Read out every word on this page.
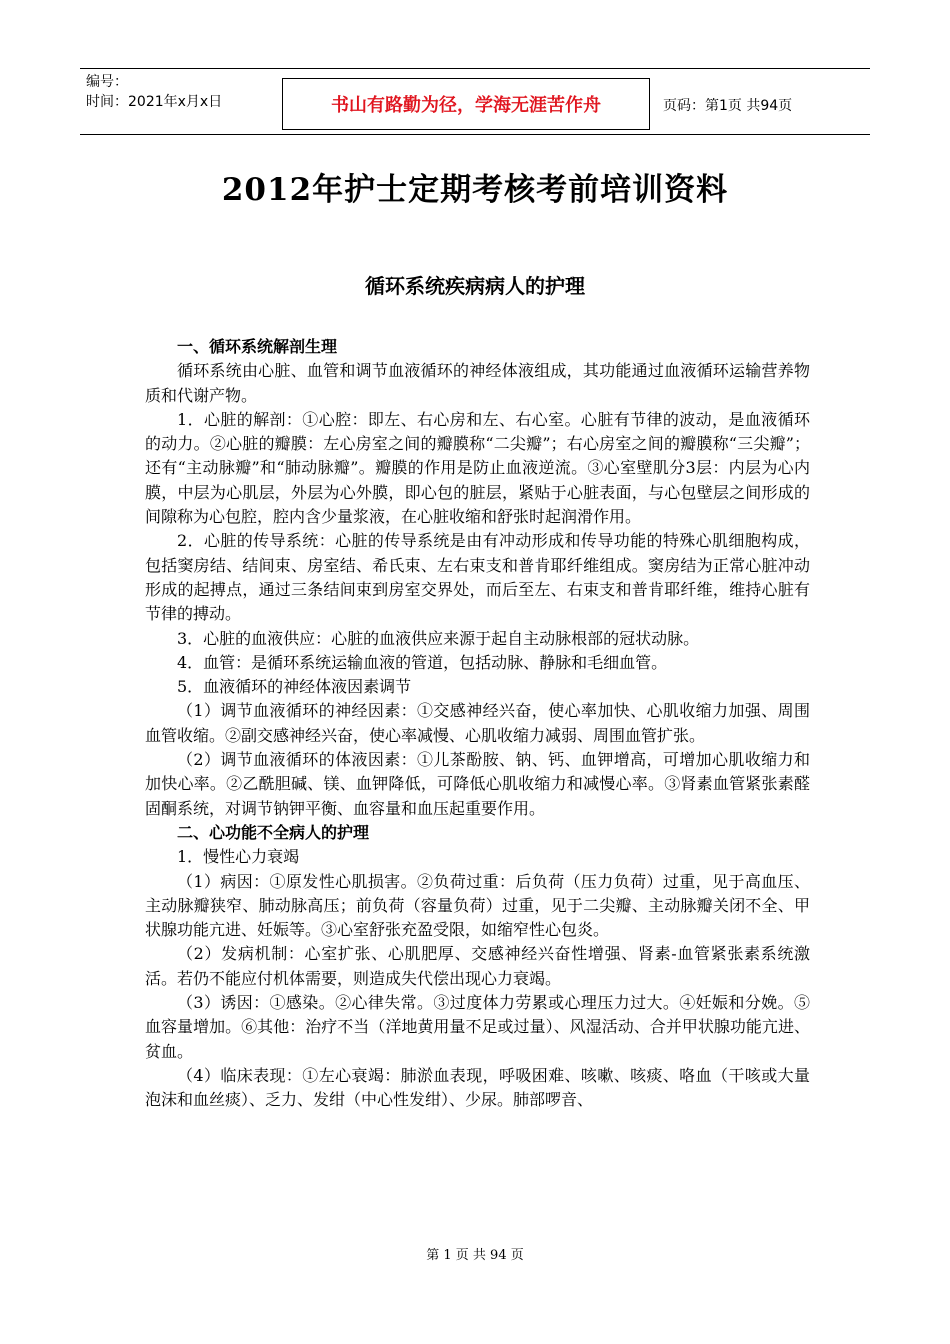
编号：
时间：2021年x月x日	书山有路勤为径，学海无涯苦作舟	页码：第1页 共94页
2012年护士定期考核考前培训资料
循环系统疾病病人的护理

一、循环系统解剖生理

循环系统由心脏、血管和调节血液循环的神经体液组成，其功能通过血液循环运输营养物质和代谢产物。

1．心脏的解剖：①心腔：即左、右心房和左、右心室。心脏有节律的波动，是血液循环的动力。②心脏的瓣膜：左心房室之间的瓣膜称“二尖瓣”；右心房室之间的瓣膜称“三尖瓣”；还有“主动脉瓣”和“肺动脉瓣”。瓣膜的作用是防止血液逆流。③心室壁肌分3层：内层为心内膜，中层为心肌层，外层为心外膜，即心包的脏层，紧贴于心脏表面，与心包壁层之间形成的间隙称为心包腔，腔内含少量浆液，在心脏收缩和舒张时起润滑作用。

2．心脏的传导系统：心脏的传导系统是由有冲动形成和传导功能的特殊心肌细胞构成，包括窦房结、结间束、房室结、希氏束、左右束支和普肯耶纤维组成。窦房结为正常心脏冲动形成的起搏点，通过三条结间束到房室交界处，而后至左、右束支和普肯耶纤维，维持心脏有节律的搏动。

3．心脏的血液供应：心脏的血液供应来源于起自主动脉根部的冠状动脉。

4．血管：是循环系统运输血液的管道，包括动脉、静脉和毛细血管。

5．血液循环的神经体液因素调节

（1）调节血液循环的神经因素：①交感神经兴奋，使心率加快、心肌收缩力加强、周围血管收缩。②副交感神经兴奋，使心率减慢、心肌收缩力减弱、周围血管扩张。

（2）调节血液循环的体液因素：①儿茶酚胺、钠、钙、血钾增高，可增加心肌收缩力和加快心率。②乙酰胆碱、镁、血钾降低，可降低心肌收缩力和减慢心率。③肾素血管紧张素醛固酮系统，对调节钠钾平衡、血容量和血压起重要作用。

二、心功能不全病人的护理

1．慢性心力衰竭

（1）病因：①原发性心肌损害。②负荷过重：后负荷（压力负荷）过重，见于高血压、主动脉瓣狭窄、肺动脉高压；前负荷（容量负荷）过重，见于二尖瓣、主动脉瓣关闭不全、甲状腺功能亢进、妊娠等。③心室舒张充盈受限，如缩窄性心包炎。

（2）发病机制：心室扩张、心肌肥厚、交感神经兴奋性增强、肾素-血管紧张素系统激活。若仍不能应付机体需要，则造成失代偿出现心力衰竭。

（3）诱因：①感染。②心律失常。③过度体力劳累或心理压力过大。④妊娠和分娩。⑤血容量增加。⑥其他：治疗不当（洋地黄用量不足或过量）、风湿活动、合并甲状腺功能亢进、贫血。

（4）临床表现：①左心衰竭：肺淤血表现，呼吸困难、咳嗽、咳痰、咯血（干咳或大量泡沫和血丝痰）、乏力、发绀（中心性发绀）、少尿。肺部啰音、

第 1 页 共 94 页
